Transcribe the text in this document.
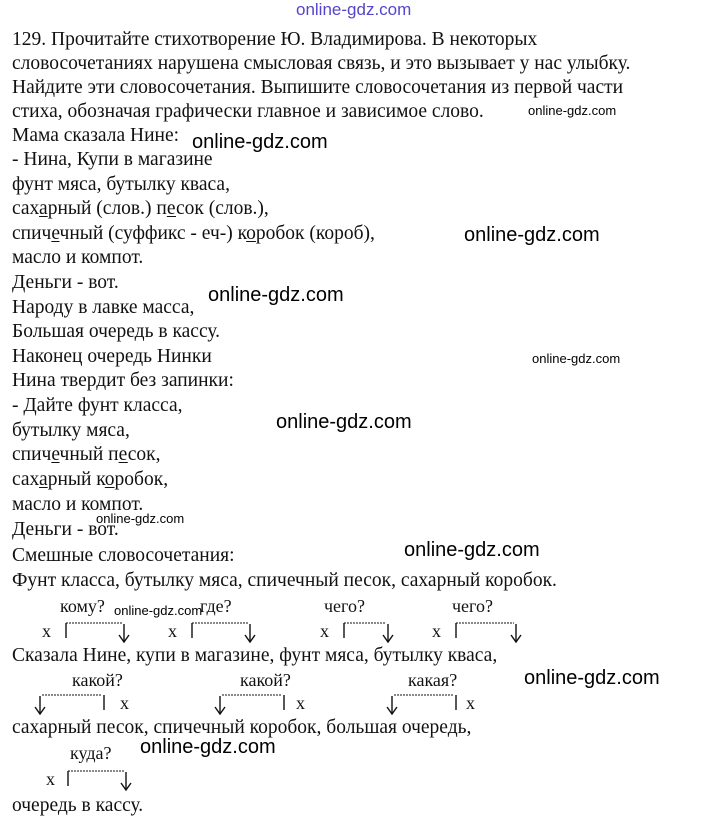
online-gdz.com
129. Прочитайте стихотворение Ю. Владимирова. В некоторых
словосочетаниях нарушена смысловая связь, и это вызывает у нас улыбку.
Найдите эти словосочетания. Выпишите словосочетания из первой части
стиха, обозначая графически главное и зависимое слово.
Мама сказала Нине:
- Нина, Купи в магазине
фунт мяса, бутылку кваса,
сахарный (слов.) песок (слов.),
спичечный (суффикс - еч-) коробок (короб),
масло и компот.
Деньги - вот.
Народу в лавке масса,
Большая очередь в кассу.
Наконец очередь Нинки
Нина твердит без запинки:
- Дайте фунт класса,
бутылку мяса,
спичечный песок,
сахарный коробок,
масло и компот.
Деньги - вот.
Смешные словосочетания:
Фунт класса, бутылку мяса, спичечный песок, сахарный коробок.
кому?	где?	чего?	чего?
x	x	x	x
Сказала Нине, купи в магазине, фунт мяса, бутылку кваса,
какой?	какой?	какая?
x	x	x
сахарный песок, спичечный коробок, большая очередь,
куда?
x
очередь в кассу.
online-gdz.com
online-gdz.com
online-gdz.com
online-gdz.com
online-gdz.com
online-gdz.com
online-gdz.com
online-gdz.com
online-gdz.com
online-gdz.com
online-gdz.com
